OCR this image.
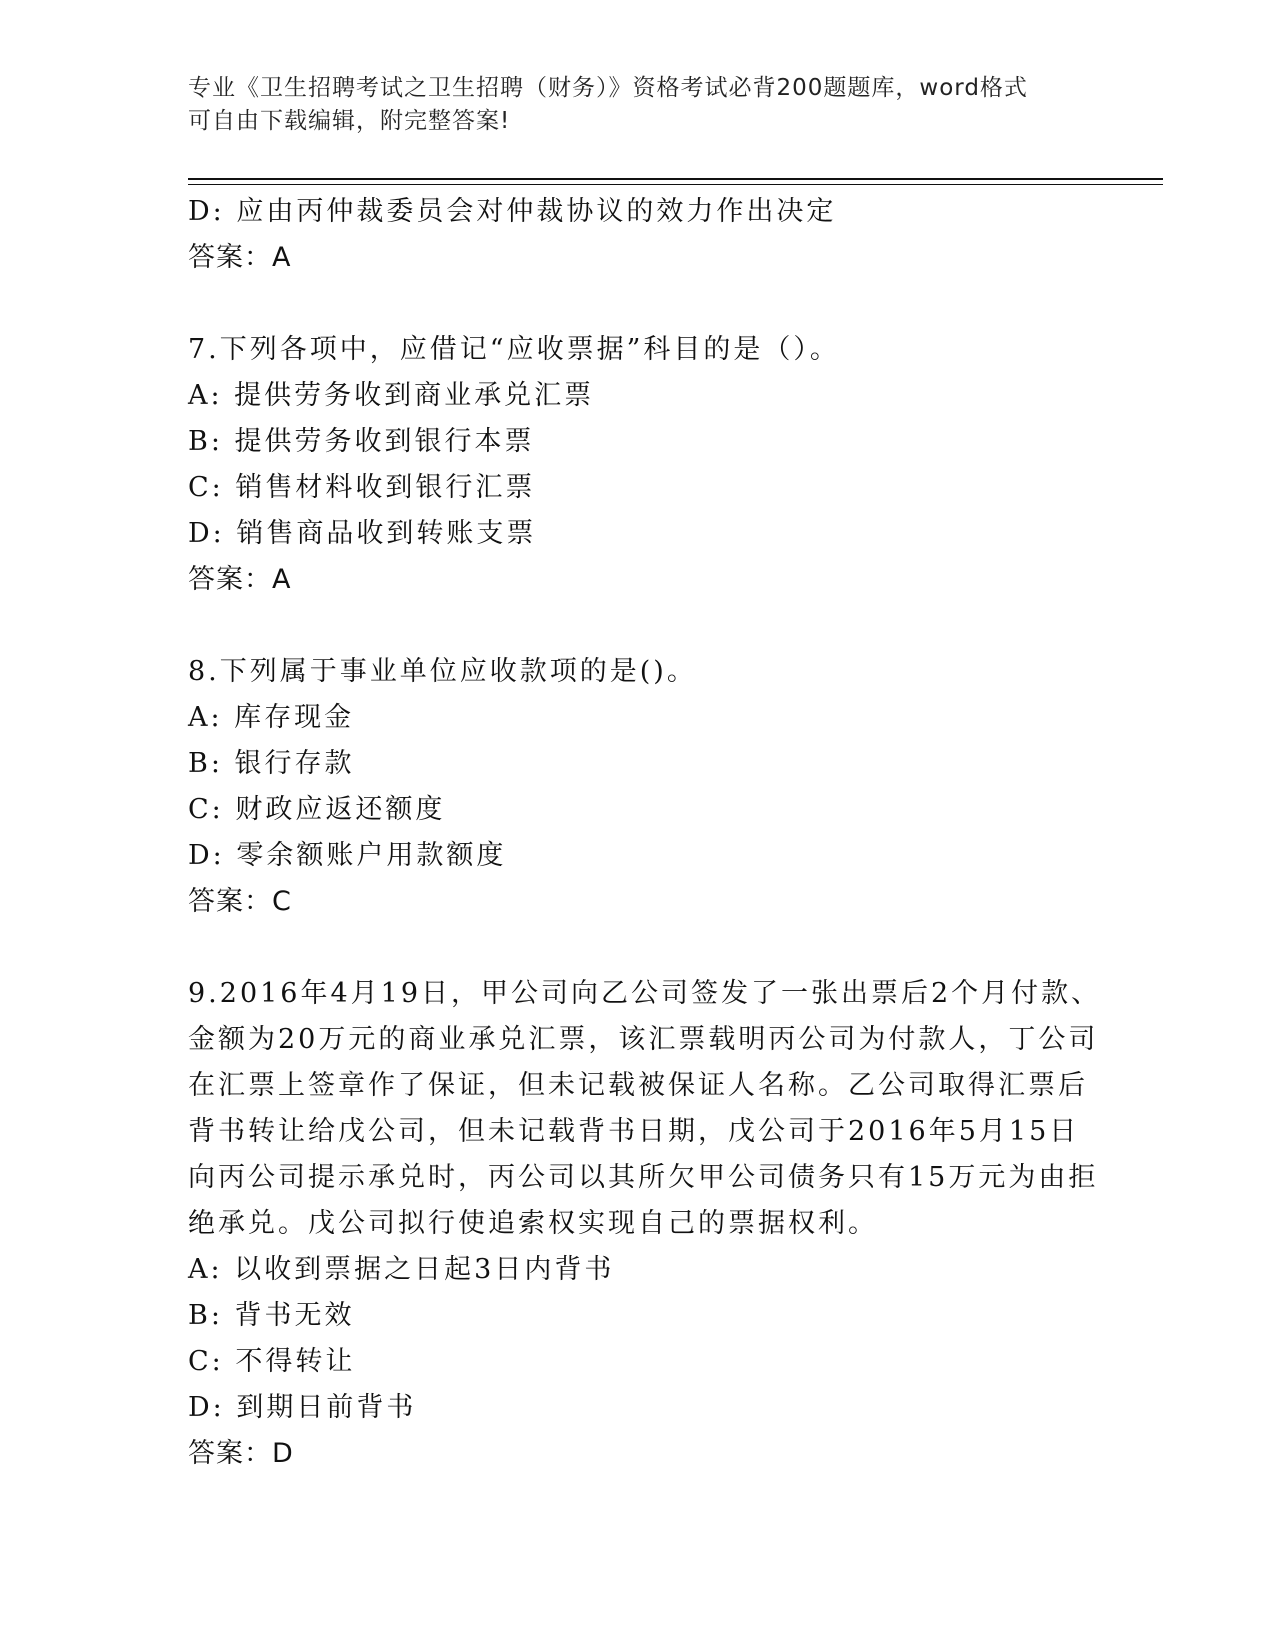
专业《卫生招聘考试之卫生招聘（财务）》资格考试必背200题题库，word格式
可自由下载编辑，附完整答案!
D: 应由丙仲裁委员会对仲裁协议的效力作出决定
答案：A
7.下列各项中，应借记“应收票据”科目的是（）。
A: 提供劳务收到商业承兑汇票
B: 提供劳务收到银行本票
C: 销售材料收到银行汇票
D: 销售商品收到转账支票
答案：A
8.下列属于事业单位应收款项的是()。
A: 库存现金
B: 银行存款
C: 财政应返还额度
D: 零余额账户用款额度
答案：C
9.2016年4月19日，甲公司向乙公司签发了一张出票后2个月付款、
金额为20万元的商业承兑汇票，该汇票载明丙公司为付款人，丁公司
在汇票上签章作了保证，但未记载被保证人名称。乙公司取得汇票后
背书转让给戊公司，但未记载背书日期，戊公司于2016年5月15日
向丙公司提示承兑时，丙公司以其所欠甲公司债务只有15万元为由拒
绝承兑。戊公司拟行使追索权实现自己的票据权利。
A: 以收到票据之日起3日内背书
B: 背书无效
C: 不得转让
D: 到期日前背书
答案：D
